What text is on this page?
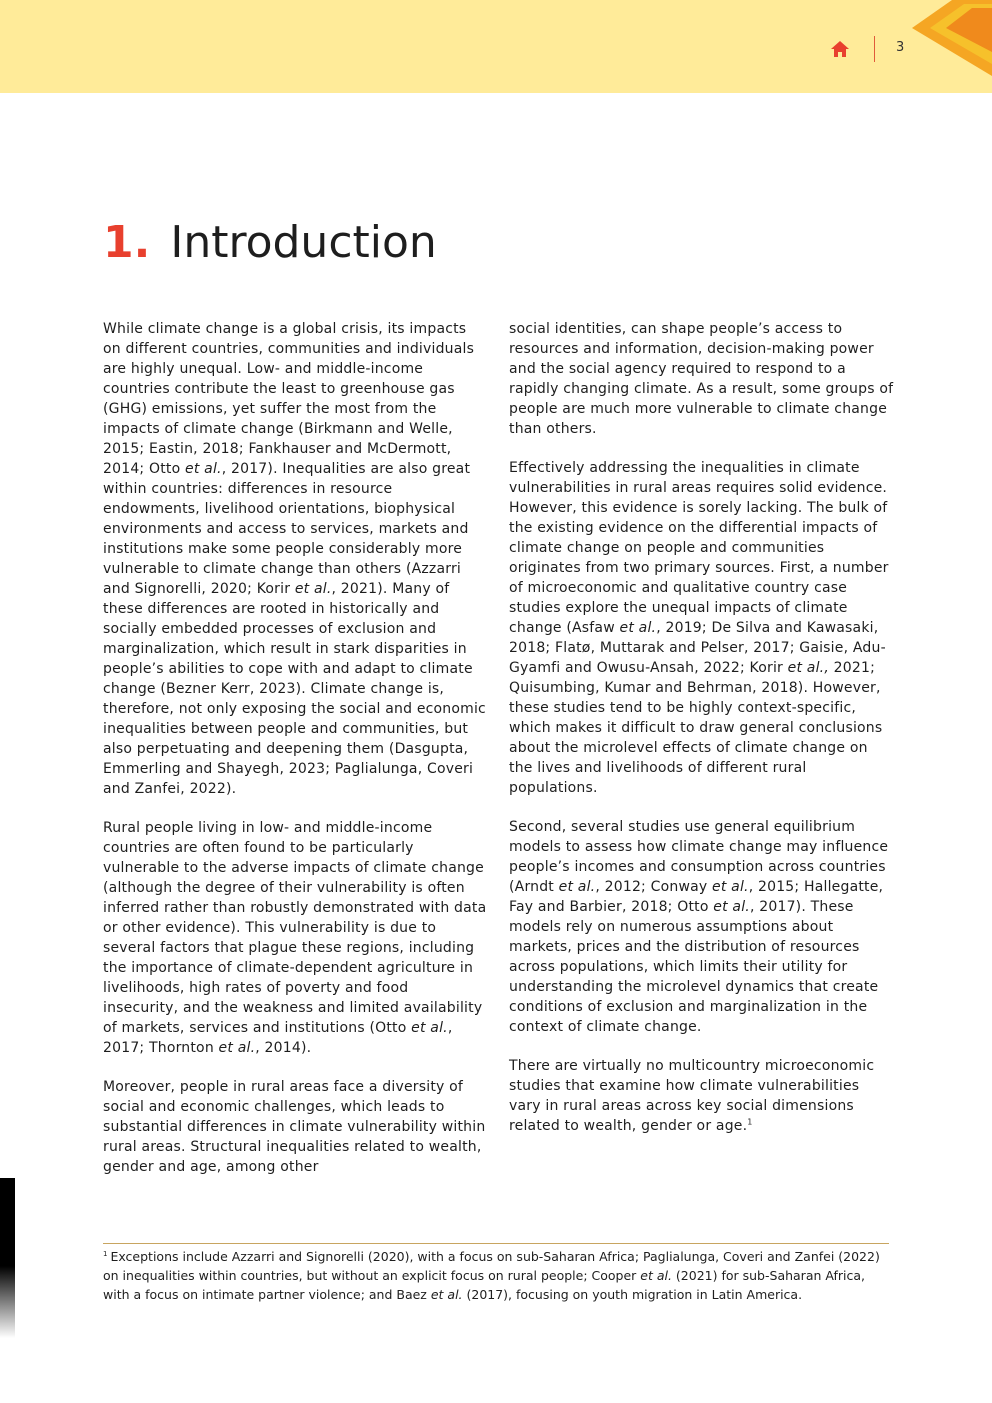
3
1. Introduction

While climate change is a global crisis, its impacts on different countries, communities and individuals are highly unequal. Low- and middle-income countries contribute the least to greenhouse gas (GHG) emissions, yet suffer the most from the impacts of climate change (Birkmann and Welle, 2015; Eastin, 2018; Fankhauser and McDermott, 2014; Otto et al., 2017). Inequalities are also great within countries: differences in resource endowments, livelihood orientations, biophysical environments and access to services, markets and institutions make some people considerably more vulnerable to climate change than others (Azzarri and Signorelli, 2020; Korir et al., 2021). Many of these differences are rooted in historically and socially embedded processes of exclusion and marginalization, which result in stark disparities in people’s abilities to cope with and adapt to climate change (Bezner Kerr, 2023). Climate change is, therefore, not only exposing the social and economic inequalities between people and communities, but also perpetuating and deepening them (Dasgupta, Emmerling and Shayegh, 2023; Paglialunga, Coveri and Zanfei, 2022).

Rural people living in low- and middle-income countries are often found to be particularly vulnerable to the adverse impacts of climate change (although the degree of their vulnerability is often inferred rather than robustly demonstrated with data or other evidence). This vulnerability is due to several factors that plague these regions, including the importance of climate-dependent agriculture in livelihoods, high rates of poverty and food insecurity, and the weakness and limited availability of markets, services and institutions (Otto et al., 2017; Thornton et al., 2014).

Moreover, people in rural areas face a diversity of social and economic challenges, which leads to substantial differences in climate vulnerability within rural areas. Structural inequalities related to wealth, gender and age, among other

social identities, can shape people’s access to resources and information, decision-making power and the social agency required to respond to a rapidly changing climate. As a result, some groups of people are much more vulnerable to climate change than others.

Effectively addressing the inequalities in climate vulnerabilities in rural areas requires solid evidence. However, this evidence is sorely lacking. The bulk of the existing evidence on the differential impacts of climate change on people and communities originates from two primary sources. First, a number of microeconomic and qualitative country case studies explore the unequal impacts of climate change (Asfaw et al., 2019; De Silva and Kawasaki, 2018; Flatø, Muttarak and Pelser, 2017; Gaisie, Adu-Gyamfi and Owusu-Ansah, 2022; Korir et al., 2021; Quisumbing, Kumar and Behrman, 2018). However, these studies tend to be highly context-specific, which makes it difficult to draw general conclusions about the microlevel effects of climate change on the lives and livelihoods of different rural populations.

Second, several studies use general equilibrium models to assess how climate change may influence people’s incomes and consumption across countries (Arndt et al., 2012; Conway et al., 2015; Hallegatte, Fay and Barbier, 2018; Otto et al., 2017). These models rely on numerous assumptions about markets, prices and the distribution of resources across populations, which limits their utility for understanding the microlevel dynamics that create conditions of exclusion and marginalization in the context of climate change.

There are virtually no multicountry microeconomic studies that examine how climate vulnerabilities vary in rural areas across key social dimensions related to wealth, gender or age.$^1$

$^1$ Exceptions include Azzarri and Signorelli (2020), with a focus on sub-Saharan Africa; Paglialunga, Coveri and Zanfei (2022) on inequalities within countries, but without an explicit focus on rural people; Cooper et al. (2021) for sub-Saharan Africa, with a focus on intimate partner violence; and Baez et al. (2017), focusing on youth migration in Latin America.
